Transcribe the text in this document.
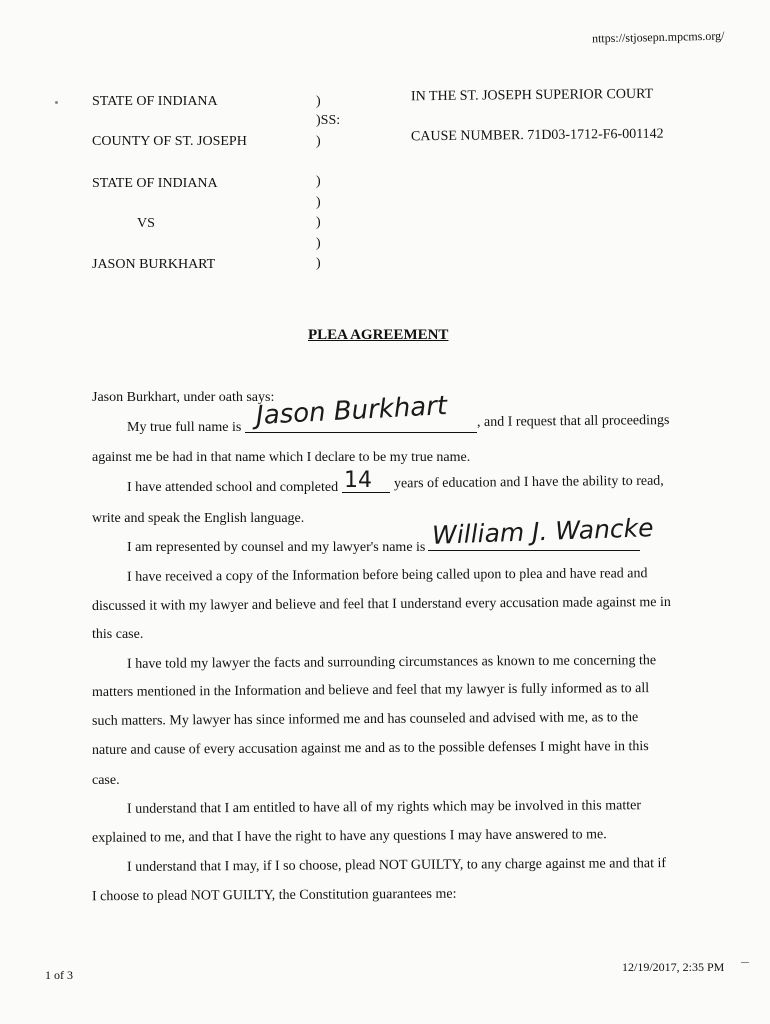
nttps://stjosepn.mpcms.org/
STATE OF INDIANA
COUNTY OF ST. JOSEPH
STATE OF INDIANA
VS
JASON BURKHART
)
)SS:
)
)
)
)
)
)
IN THE ST. JOSEPH SUPERIOR COURT
CAUSE NUMBER. 71D03-1712-F6-001142
PLEA AGREEMENT
Jason Burkhart, under oath says:
My true full name is Jason Burkhart , and I request that all proceedings
against me be had in that name which I declare to be my true name.
I have attended school and completed 14 years of education and I have the ability to read,
write and speak the English language.
I am represented by counsel and my lawyer's name is William J. Wancke
I have received a copy of the Information before being called upon to plea and have read and
discussed it with my lawyer and believe and feel that I understand every accusation made against me in
this case.
I have told my lawyer the facts and surrounding circumstances as known to me concerning the
matters mentioned in the Information and believe and feel that my lawyer is fully informed as to all
such matters. My lawyer has since informed me and has counseled and advised with me, as to the
nature and cause of every accusation against me and as to the possible defenses I might have in this
case.
I understand that I am entitled to have all of my rights which may be involved in this matter
explained to me, and that I have the right to have any questions I may have answered to me.
I understand that I may, if I so choose, plead NOT GUILTY, to any charge against me and that if
I choose to plead NOT GUILTY, the Constitution guarantees me:
1 of 3
12/19/2017, 2:35 PM
